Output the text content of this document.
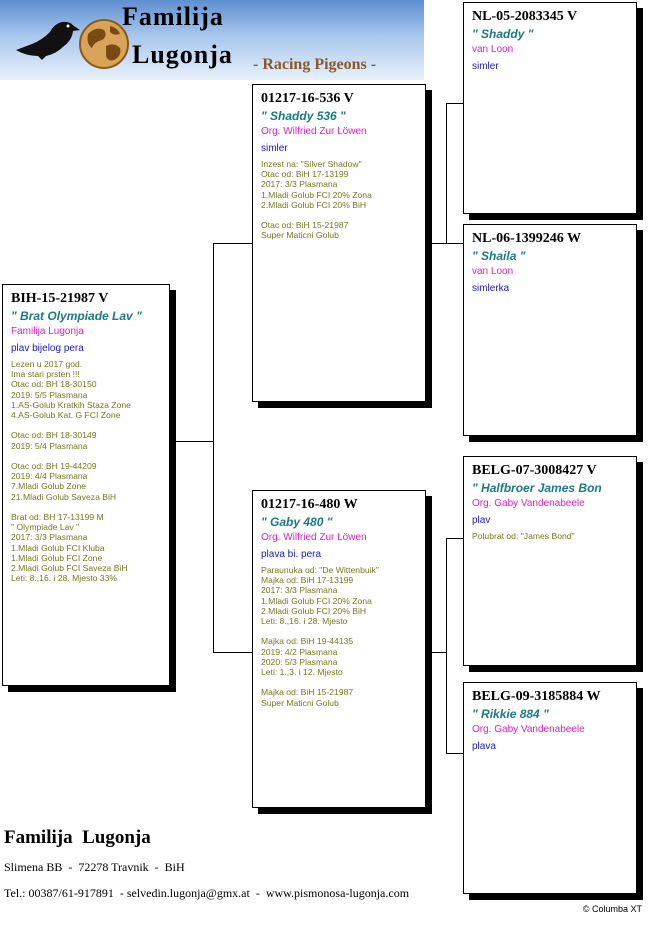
Familija
Lugonja - Racing Pigeons -
BIH-15-21987 V
" Brat Olympiade Lav "
Familija Lugonja
plav bijelog pera
Lezen u 2017 god.
Ima stari prsten !!!
Otac od: BH 18-30150
2019: 5/5 Plasmana
1.AS-Golub Kratkih Staza Zone
4.AS-Golub Kat. G FCI Zone

Otac od: BH 18-30149
2019: 5/4 Plasmana

Otac od: BH 19-44209
2019: 4/4 Plasmana
7.Mladi Golub Zone
21.Mladi Golub Saveza BiH

Brat od: BH 17-13199 M
" Olympiade Lav "
2017: 3/3 Plasmana
1.Mladi Golub FCI Kluba
1.Mladi Golub FCI Zone
2.Mladi Golub FCI Saveza BiH
Leti: 8.,16. i 28. Mjesto 33%
01217-16-536 V
" Shaddy 536 "
Org. Wilfried Zur Löwen
simler
Inzest na: "Silver Shadow"
Otac od: BiH 17-13199
2017: 3/3 Plasmana
1.Mladi Golub FCI 20% Zona
2.Mladi Golub FCI 20% BiH

Otac od: BiH 15-21987
Super Maticni Golub
01217-16-480 W
" Gaby 480 "
Org. Wilfried Zur Löwen
plava bi. pera
Paraunuka od: "De Wittenbuik"
Majka od: BiH 17-13199
2017: 3/3 Plasmana
1.Mladi Golub FCI 20% Zona
2.Mladi Golub FCI 20% BiH
Leti: 8.,16. i 28. Mjesto

Majka od: BiH 19-44135
2019: 4/2 Plasmana
2020: 5/3 Plasmana
Leti: 1.,3. i 12. Mjesto

Majka od: BiH 15-21987
Super Maticni Golub
NL-05-2083345 V
" Shaddy "
van Loon
simler
NL-06-1399246 W
" Shaila "
van Loon
simlerka
BELG-07-3008427 V
" Halfbroer James Bon
Org. Gaby Vandenabeele
plav
Polubrat od: "James Bond"
BELG-09-3185884 W
" Rikkie 884 "
Org. Gaby Vandenabeele
plava
Familija  Lugonja
Slimena BB  -  72278 Travnik  -  BiH
Tel.: 00387/61-917891  - selvedin.lugonja@gmx.at  -  www.pismonosa-lugonja.com
© Columba XT
